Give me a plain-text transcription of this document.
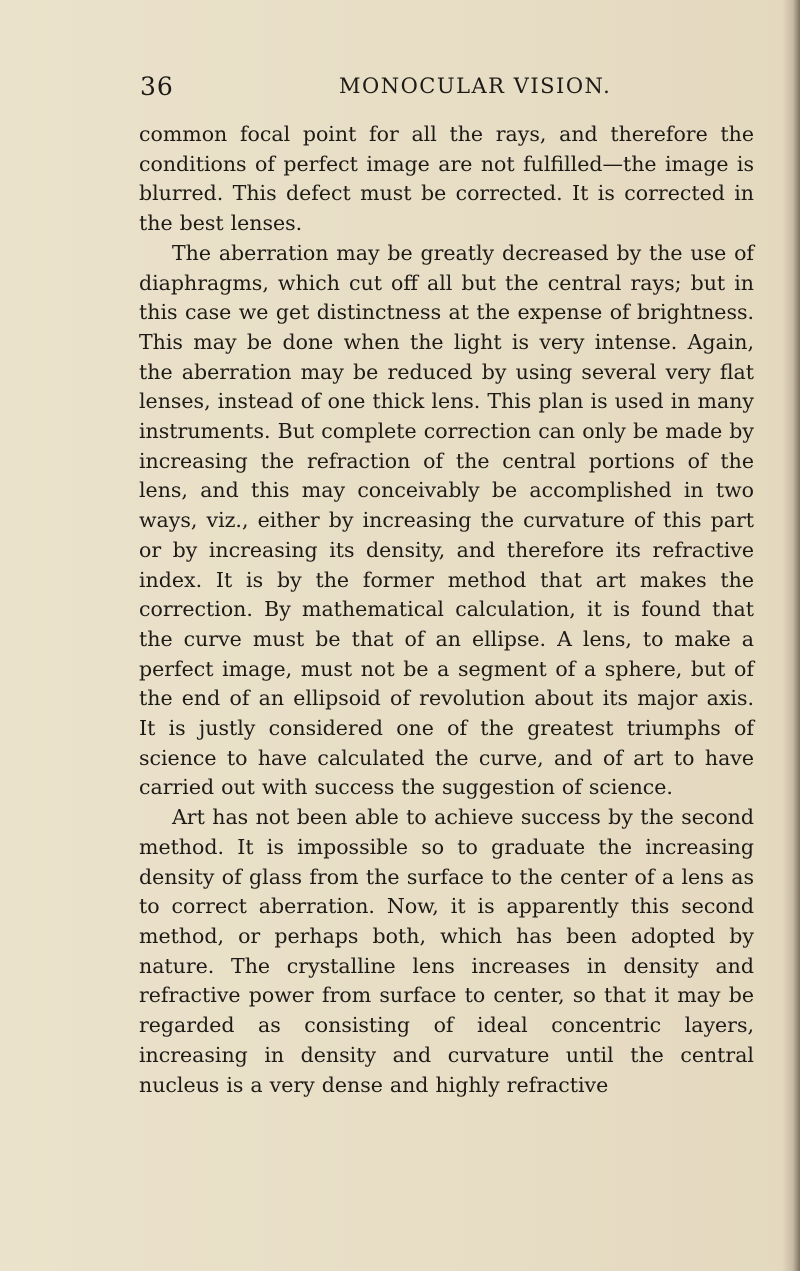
36	MONOCULAR VISION.

common focal point for all the rays, and therefore the conditions of perfect image are not fulfilled—the image is blurred. This defect must be corrected. It is corrected in the best lenses.

The aberration may be greatly decreased by the use of diaphragms, which cut off all but the central rays; but in this case we get distinctness at the expense of brightness. This may be done when the light is very intense. Again, the aberration may be reduced by using several very flat lenses, instead of one thick lens. This plan is used in many instruments. But complete correction can only be made by increasing the refraction of the central portions of the lens, and this may conceivably be accomplished in two ways, viz., either by increasing the curvature of this part or by increasing its density, and therefore its refractive index. It is by the former method that art makes the correction. By mathematical calculation, it is found that the curve must be that of an ellipse. A lens, to make a perfect image, must not be a segment of a sphere, but of the end of an ellipsoid of revolution about its major axis. It is justly considered one of the greatest triumphs of science to have calculated the curve, and of art to have carried out with success the suggestion of science.

Art has not been able to achieve success by the second method. It is impossible so to graduate the increasing density of glass from the surface to the center of a lens as to correct aberration. Now, it is apparently this second method, or perhaps both, which has been adopted by nature. The crystalline lens increases in density and refractive power from surface to center, so that it may be regarded as consisting of ideal concentric layers, increasing in density and curvature until the central nucleus is a very dense and highly refractive
